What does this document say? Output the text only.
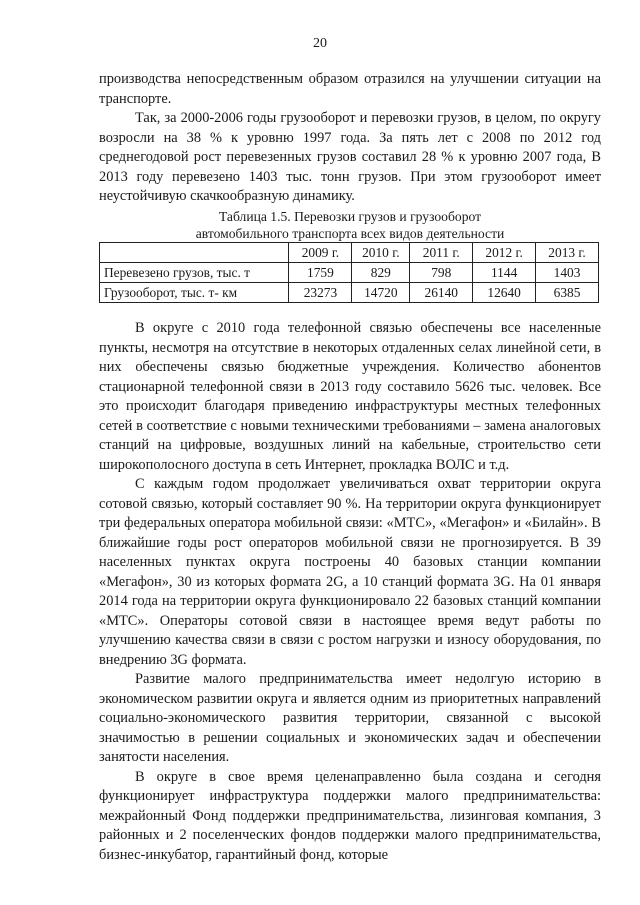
20

производства непосредственным образом отразился на улучшении ситуации на транспорте.

Так, за 2000-2006 годы грузооборот и перевозки грузов, в целом, по округу возросли на 38 % к уровню 1997 года. За пять лет с 2008 по 2012 год среднегодовой рост перевезенных грузов составил 28 % к уровню 2007 года, В 2013 году перевезено 1403 тыс. тонн грузов. При этом грузооборот имеет неустойчивую скачкообразную динамику.

Таблица 1.5. Перевозки грузов и грузооборот
автомобильного транспорта всех видов деятельности
	2009 г.	2010 г.	2011 г.	2012 г.	2013 г.
Перевезено грузов, тыс. т	1759	829	798	1144	1403
Грузооборот, тыс. т- км	23273	14720	26140	12640	6385

В округе с 2010 года телефонной связью обеспечены все населенные пункты, несмотря на отсутствие в некоторых отдаленных селах линейной сети, в них обеспечены связью бюджетные учреждения. Количество абонентов стационарной телефонной связи в 2013 году составило 5626 тыс. человек. Все это происходит благодаря приведению инфраструктуры местных телефонных сетей в соответствие с новыми техническими требованиями – замена аналоговых станций на цифровые, воздушных линий на кабельные, строительство сети широкополосного доступа в сеть Интернет, прокладка ВОЛС и т.д.

С каждым годом продолжает увеличиваться охват территории округа сотовой связью, который составляет 90 %. На территории округа функционирует три федеральных оператора мобильной связи: «МТС», «Мегафон» и «Билайн». В ближайшие годы рост операторов мобильной связи не прогнозируется. В 39 населенных пунктах округа построены 40 базовых станции компании «Мегафон», 30 из которых формата 2G, а 10 станций формата 3G. На 01 января 2014 года на территории округа функционировало 22 базовых станций компании «МТС». Операторы сотовой связи в настоящее время ведут работы по улучшению качества связи в связи с ростом нагрузки и износу оборудования, по внедрению 3G формата.

Развитие малого предпринимательства имеет недолгую историю в экономическом развитии округа и является одним из приоритетных направлений социально-экономического развития территории, связанной с высокой значимостью в решении социальных и экономических задач и обеспечении занятости населения.

В округе в свое время целенаправленно была создана и сегодня функционирует инфраструктура поддержки малого предпринимательства: межрайонный Фонд поддержки предпринимательства, лизинговая компания, 3 районных и 2 поселенческих фондов поддержки малого предпринимательства, бизнес-инкубатор, гарантийный фонд, которые
